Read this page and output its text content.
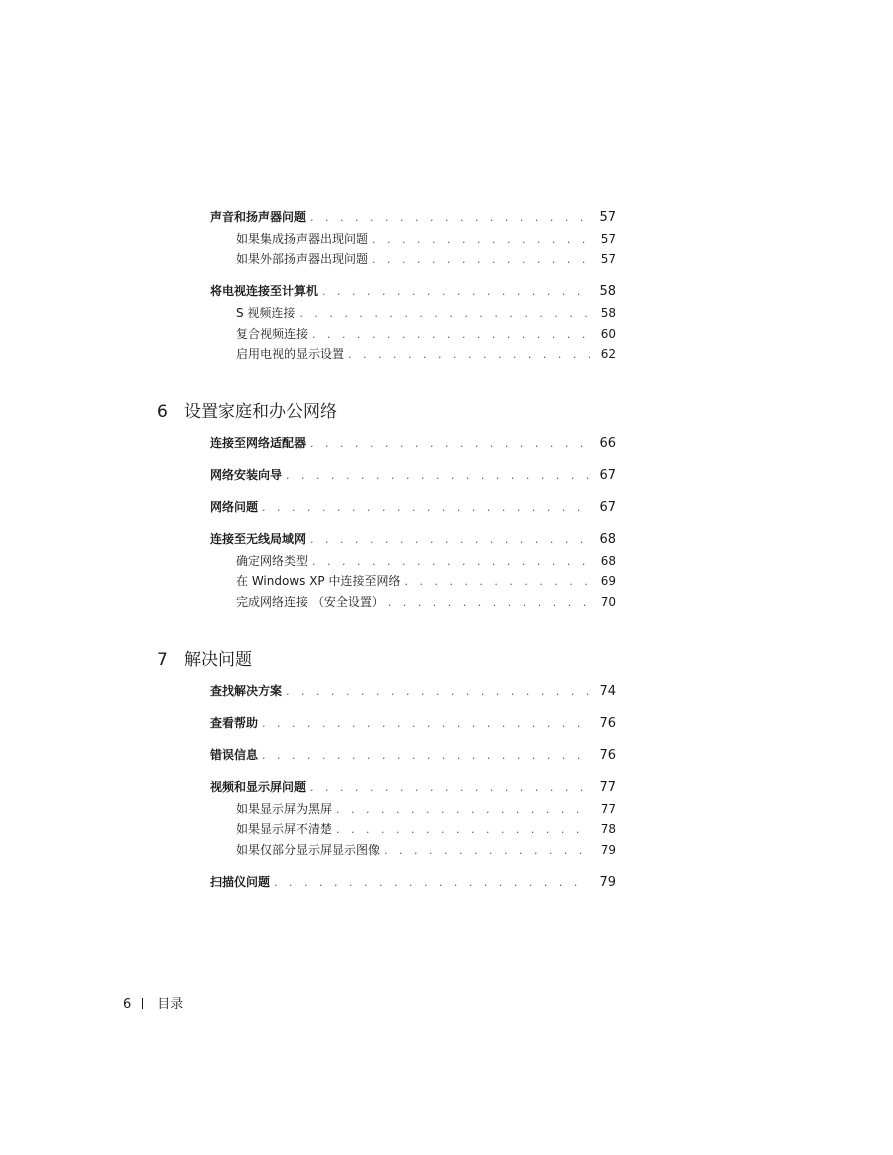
声音和扬声器问题 . . .	57
如果集成扬声器出现问题 . . .	57
如果外部扬声器出现问题 . . .	57
将电视连接至计算机 . . .	58
S 视频连接 . . .	58
复合视频连接 . . .	60
启用电视的显示设置 . . .	62
6 设置家庭和办公网络
连接至网络适配器 . . .	66
网络安装向导 . . .	67
网络问题 . . .	67
连接至无线局域网 . . .	68
确定网络类型 . . .	68
在 Windows XP 中连接至网络 . . .	69
完成网络连接 （安全设置） . . .	70
7 解决问题
查找解决方案 . . .	74
查看帮助 . . .	76
错误信息 . . .	76
视频和显示屏问题 . . .	77
如果显示屏为黑屏 . . .	77
如果显示屏不清楚 . . .	78
如果仅部分显示屏显示图像 . . .	79
扫描仪问题 . . .	79
6 目录
